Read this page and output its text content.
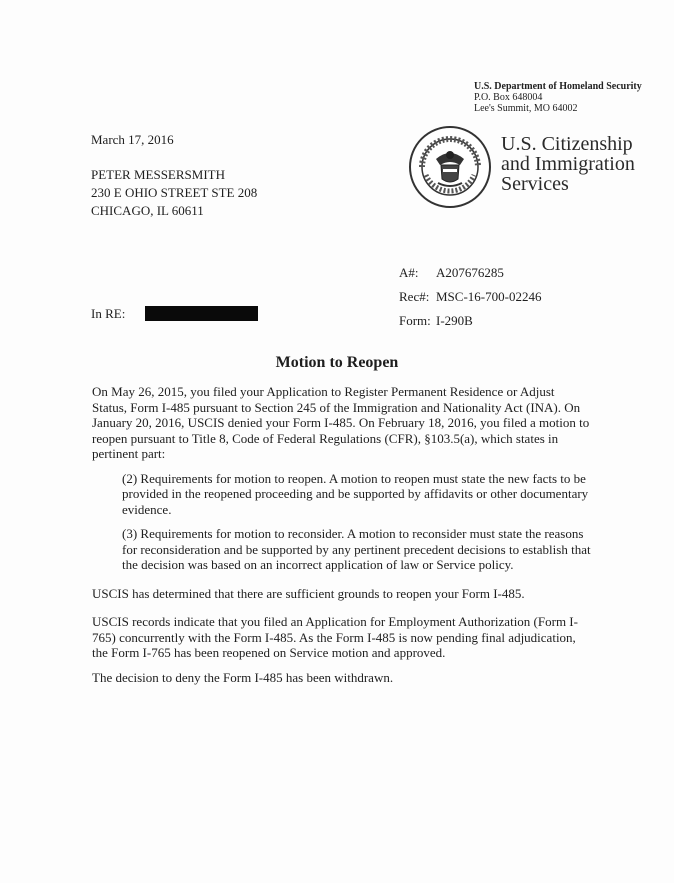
U.S. Department of Homeland Security
P.O. Box 648004
Lee's Summit, MO 64002
U.S. Citizenship
and Immigration
Services
March 17, 2016
PETER MESSERSMITH
230 E OHIO STREET STE 208
CHICAGO, IL 60611
A#:	A207676285
Rec#: MSC-16-700-02246
Form: I-290B
In RE:
Motion to Reopen

On May 26, 2015, you filed your Application to Register Permanent Residence or Adjust Status, Form I-485 pursuant to Section 245 of the Immigration and Nationality Act (INA). On January 20, 2016, USCIS denied your Form I-485. On February 18, 2016, you filed a motion to reopen pursuant to Title 8, Code of Federal Regulations (CFR), §103.5(a), which states in pertinent part:

(2) Requirements for motion to reopen. A motion to reopen must state the new facts to be provided in the reopened proceeding and be supported by affidavits or other documentary evidence.

(3) Requirements for motion to reconsider. A motion to reconsider must state the reasons for reconsideration and be supported by any pertinent precedent decisions to establish that the decision was based on an incorrect application of law or Service policy.

USCIS has determined that there are sufficient grounds to reopen your Form I-485.

USCIS records indicate that you filed an Application for Employment Authorization (Form I-765) concurrently with the Form I-485. As the Form I-485 is now pending final adjudication, the Form I-765 has been reopened on Service motion and approved.

The decision to deny the Form I-485 has been withdrawn.
